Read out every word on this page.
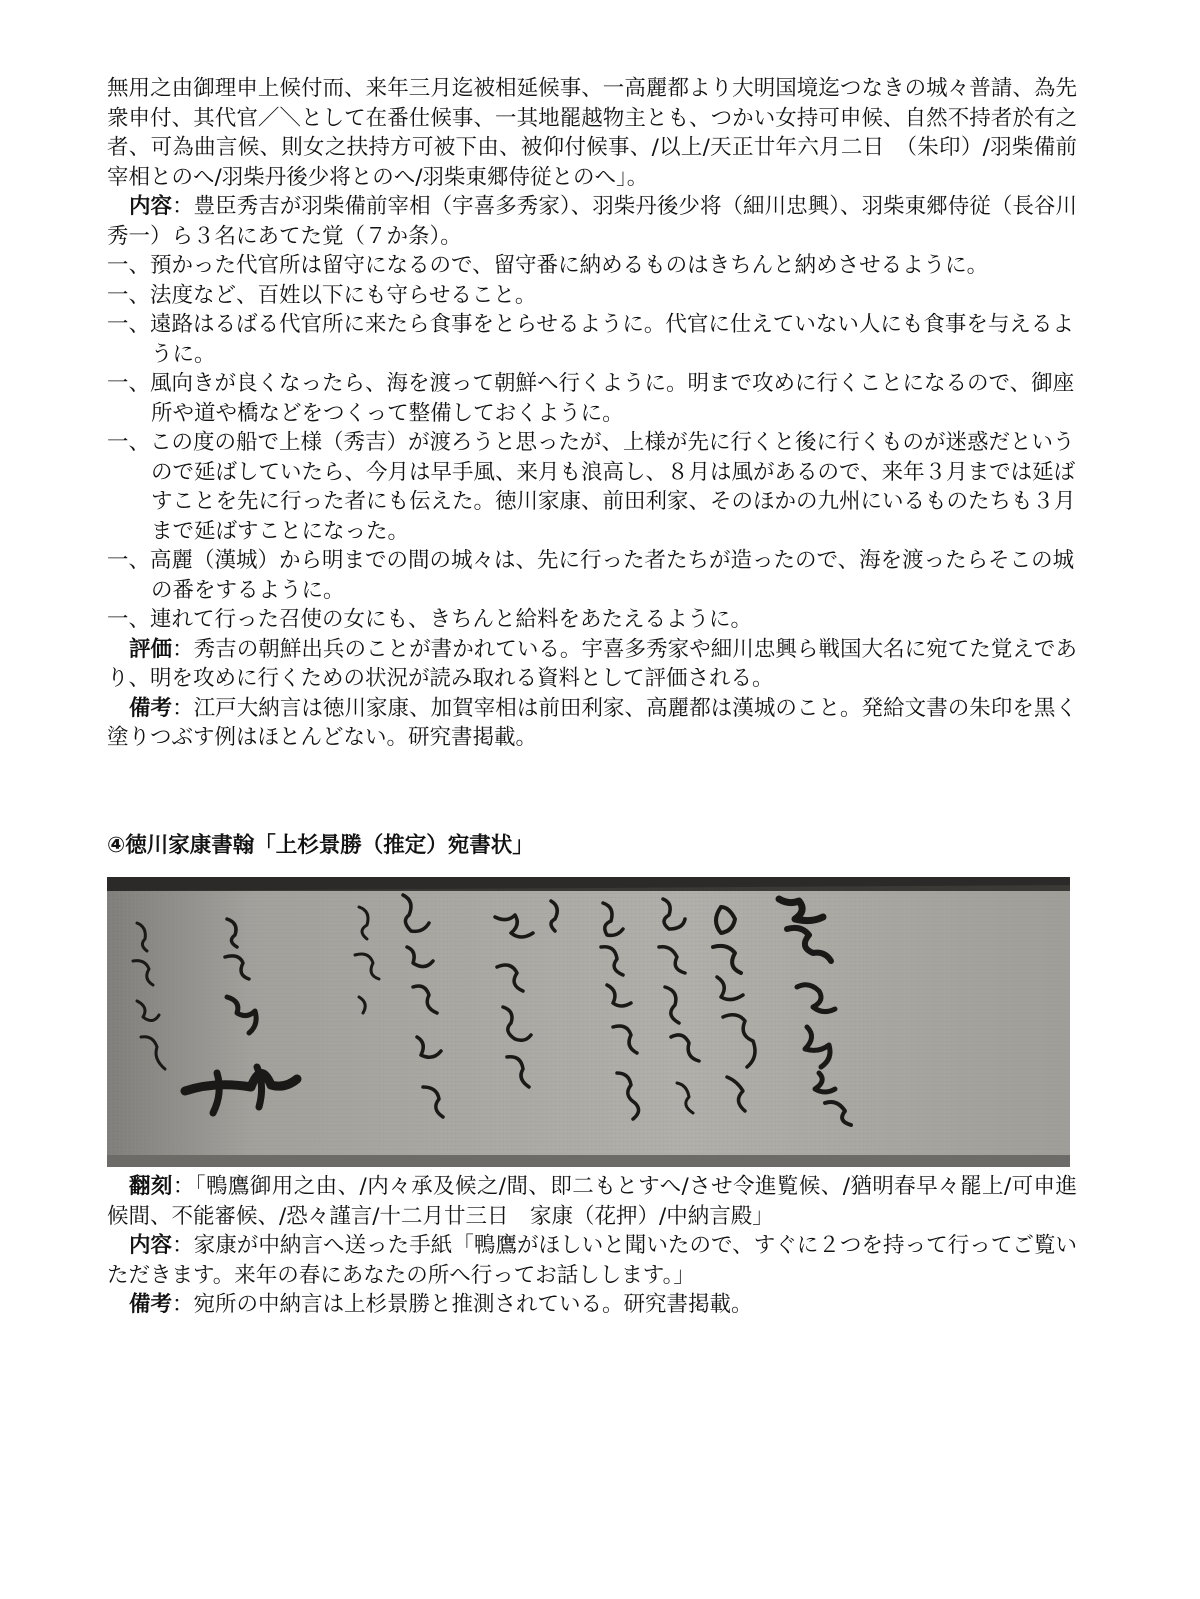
無用之由御理申上候付而、来年三月迄被相延候事、一高麗都より大明国境迄つなきの城々普請、為先衆申付、其代官／＼として在番仕候事、一其地罷越物主とも、つかい女持可申候、自然不持者於有之者、可為曲言候、則女之扶持方可被下由、被仰付候事、/以上/天正廿年六月二日　（朱印）/羽柴備前宰相とのへ/羽柴丹後少将とのへ/羽柴東郷侍従とのへ」。

内容：豊臣秀吉が羽柴備前宰相（宇喜多秀家）、羽柴丹後少将（細川忠興）、羽柴東郷侍従（長谷川秀一）ら３名にあてた覚（７か条）。

一、預かった代官所は留守になるので、留守番に納めるものはきちんと納めさせるように。

一、法度など、百姓以下にも守らせること。

一、遠路はるばる代官所に来たら食事をとらせるように。代官に仕えていない人にも食事を与えるように。

一、風向きが良くなったら、海を渡って朝鮮へ行くように。明まで攻めに行くことになるので、御座所や道や橋などをつくって整備しておくように。

一、この度の船で上様（秀吉）が渡ろうと思ったが、上様が先に行くと後に行くものが迷惑だというので延ばしていたら、今月は早手風、来月も浪高し、８月は風があるので、来年３月までは延ばすことを先に行った者にも伝えた。徳川家康、前田利家、そのほかの九州にいるものたちも３月まで延ばすことになった。

一、高麗（漢城）から明までの間の城々は、先に行った者たちが造ったので、海を渡ったらそこの城の番をするように。

一、連れて行った召使の女にも、きちんと給料をあたえるように。

評価：秀吉の朝鮮出兵のことが書かれている。宇喜多秀家や細川忠興ら戦国大名に宛てた覚えであり、明を攻めに行くための状況が読み取れる資料として評価される。

備考：江戸大納言は徳川家康、加賀宰相は前田利家、高麗都は漢城のこと。発給文書の朱印を黒く塗りつぶす例はほとんどない。研究書掲載。

④徳川家康書翰「上杉景勝（推定）宛書状」

翻刻：「鴨鷹御用之由、/内々承及候之/間、即二もとすへ/させ令進覧候、/猶明春早々罷上/可申進候間、不能審候、/恐々謹言/十二月廿三日　家康（花押）/中納言殿」

内容：家康が中納言へ送った手紙「鴨鷹がほしいと聞いたので、すぐに２つを持って行ってご覧いただきます。来年の春にあなたの所へ行ってお話しします。」

備考：宛所の中納言は上杉景勝と推測されている。研究書掲載。
